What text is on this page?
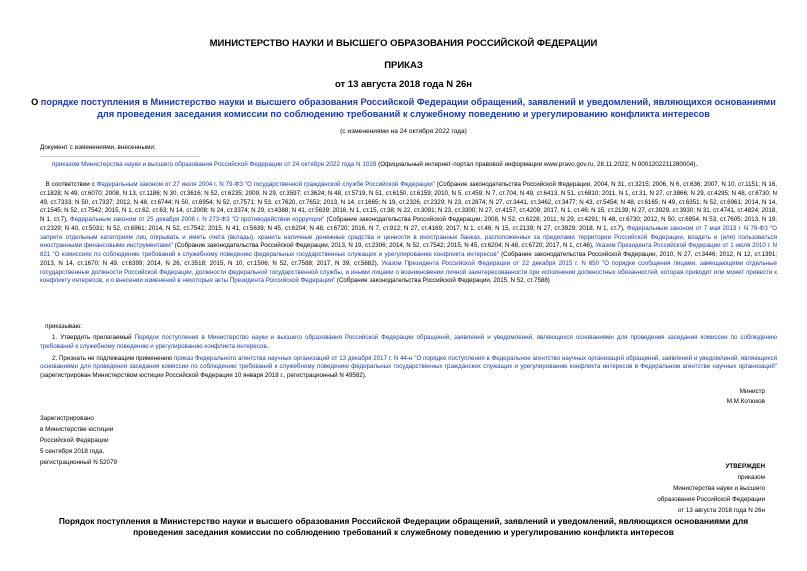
МИНИСТЕРСТВО НАУКИ И ВЫСШЕГО ОБРАЗОВАНИЯ РОССИЙСКОЙ ФЕДЕРАЦИИ
ПРИКАЗ
от 13 августа 2018 года N 26н
О порядке поступления в Министерство науки и высшего образования Российской Федерации обращений, заявлений и уведомлений, являющихся основаниями для проведения заседания комиссии по соблюдению требований к служебному поведению и урегулированию конфликта интересов
(с изменениями на 24 октября 2022 года)
Документ с изменениями, внесенными:
приказом Министерства науки и высшего образования Российской Федерации от 24 октября 2022 года N 1028 (Официальный интернет-портал правовой информации www.pravo.gov.ru, 28.11.2022, N 0001202211280004).
В соответствии с Федеральным законом от 27 июля 2004 г. N 79-ФЗ "О государственной гражданской службе Российской Федерации" (Собрание законодательства Российской Федерации, 2004, N 31, ст.3215; 2006, N 6, ст.636; 2007, N 10, ст.1151; N 16, ст.1828; N 49, ст.6070; 2008, N 13, ст.1186; N 30, ст.3616; N 52, ст.6235; 2009, N 29, ст.3597; ст.3624; N 48, ст.5719, N 51, ст.6150, ст.6159; 2010, N 5, ст.459; N 7, ст.704, N 49, ст.6413, N 51, ст.6810; 2011, N 1, ст.31, N 27, ст.3866; N 29, ст.4295; N 48, ст.6730; N 49, ст.7333; N 50, ст.7337; 2012, N 48, ст.6744; N 50, ст.6954; N 52, ст.7571; N 53, ст.7620, ст.7652; 2013, N 14, ст.1665; N 19, ст.2326, ст.2329; N 23, ст.2874; N 27, ст.3441, ст.3462, ст.3477; N 43, ст.5454; N 48, ст.6165; N 49, ст.6351; N 52, ст.6961; 2014, N 14, ст.1545; N 52, ст.7542; 2015, N 1, ст.62, ст.63; N 14, ст.2008; N 24, ст.3374; N 29, ст.4388; N 41, ст.5639; 2016, N 1, ст.15, ст.38; N 22, ст.3091; N 23, ст.3300; N 27, ст.4157, ст.4209; 2017, N 1, ст.46; N 15, ст.2139; N 27, ст.3929, ст.3930; N 31, ст.4741, ст.4824; 2018, N 1, ст.7), Федеральным законом от 25 декабря 2008 г. N 273-ФЗ "О противодействии коррупции" (Собрание законодательства Российской Федерации, 2008, N 52, ст.6228; 2011, N 29, ст.4291; N 48, ст.6730; 2012, N 50, ст.6954; N 53, ст.7605; 2013, N 19; ст.2329; N 40, ст.5031; N 52, ст.6961; 2014, N 52, ст.7542; 2015, N 41, ст.5639; N 45, ст.6204; N 48, ст.6720; 2016, N 7, ст.912; N 27, ст.4169; 2017, N 1, ст.46; N 15, ст.2139; N 27, ст.3929; 2018, N 1, ст.7), Федеральным законом от 7 мая 2013 г. N 79-ФЗ "О запрете отдельным категориям лиц открывать и иметь счета (вклады), хранить наличные денежные средства и ценности в иностранных банках, расположенных за пределами территории Российской Федерации, владеть и (или) пользоваться иностранными финансовыми инструментами" (Собрание законодательства Российской Федерации, 2013, N 19, ст.2306; 2014, N 52, ст.7542; 2015, N 45, ст.6204; N 48, ст.6720; 2017, N 1, ст.46), Указом Президента Российской Федерации от 1 июля 2010 г. N 821 "О комиссиях по соблюдению требований к служебному поведению федеральных государственных служащих и урегулированию конфликта интересов" (Собрание законодательства Российской Федерации, 2010, N 27, ст.3446; 2012, N 12, ст.1391; 2013, N 14, ст.1670; N 49, ст.6399; 2014, N 26, ст.3518; 2015, N 10, ст.1506; N 52, ст.7588; 2017, N 39, ст.5682), Указом Президента Российской Федерации от 22 декабря 2015 г. N 650 "О порядке сообщения лицами, замещающими отдельные государственные должности Российской Федерации, должности федеральной государственной службы, и иными лицами о возникновении личной заинтересованности при исполнении должностных обязанностей, которая приводит или может привести к конфликту интересов, и о внесении изменений в некоторые акты Президента Российской Федерации" (Собрание законодательства Российской Федерации, 2015, N 52, ст.7588)
приказываю:

1. Утвердить прилагаемый Порядок поступления в Министерство науки и высшего образования Российской Федерации обращений, заявлений и уведомлений, являющихся основаниями для проведения заседания комиссии по соблюдению требований к служебному поведению и урегулированию конфликта интересов.

2. Признать не подлежащим применению приказ Федерального агентства научных организаций от 13 декабря 2017 г. N 44-н "О порядке поступления в Федеральное агентство научных организаций обращений, заявлений и уведомлений, являющихся основаниями для проведения заседания комиссии по соблюдению требований к служебному поведению федеральных государственных гражданских служащих и урегулированию конфликта интересов в Федеральном агентстве научных организаций" (зарегистрирован Министерством юстиции Российской Федерации 10 января 2018 г., регистрационный N 49582).

Министр
М.М.Котюков
Зарегистрировано
в Министерстве юстиции
Российской Федерации
5 сентября 2018 года,
регистрационный N 52079
УТВЕРЖДЕН
приказом
Министерства науки и высшего
образования Российской Федерации
от 13 августа 2018 года N 26н
Порядок поступления в Министерство науки и высшего образования Российской Федерации обращений, заявлений и уведомлений, являющихся основаниями для проведения заседания комиссии по соблюдению требований к служебному поведению и урегулированию конфликта интересов
